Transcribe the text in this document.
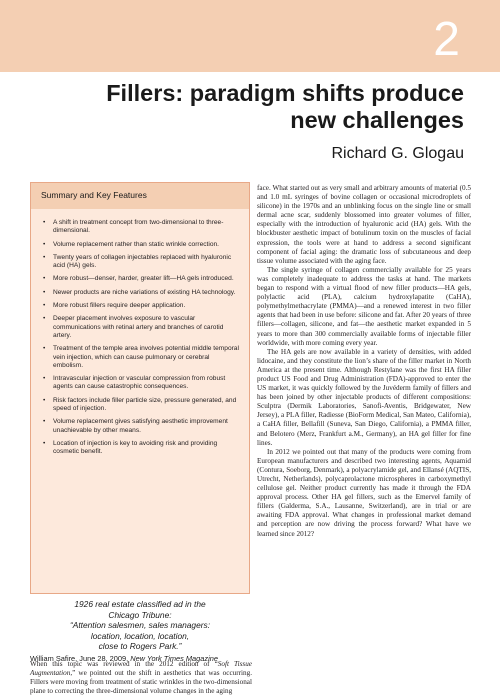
2
Fillers: paradigm shifts produce
new challenges
Richard G. Glogau
Summary and Key Features
• A shift in treatment concept from two-dimensional to three-dimensional.
• Volume replacement rather than static wrinkle correction.
• Twenty years of collagen injectables replaced with hyaluronic acid (HA) gels.
• More robust—denser, harder, greater lift—HA gels introduced.
• Newer products are niche variations of existing HA technology.
• More robust fillers require deeper application.
• Deeper placement involves exposure to vascular communications with retinal artery and branches of carotid artery.
• Treatment of the temple area involves potential middle temporal vein injection, which can cause pulmonary or cerebral embolism.
• Intravascular injection or vascular compression from robust agents can cause catastrophic consequences.
• Risk factors include filler particle size, pressure generated, and speed of injection.
• Volume replacement gives satisfying aesthetic improvement unachievable by other means.
• Location of injection is key to avoiding risk and providing cosmetic benefit.
1926 real estate classified ad in the
Chicago Tribune:
“Attention salesmen, sales managers:
location, location, location,
close to Rogers Park.”
William Safire, June 28, 2009, New York Times Magazine
When this topic was reviewed in the 2012 edition of “Soft Tissue Augmentation,” we pointed out the shift in aesthetics that was occurring. Fillers were moving from treatment of static wrinkles in the two-dimensional plane to correcting the three-dimensional volume changes in the aging

face. What started out as very small and arbitrary amounts of material (0.5 and 1.0 mL syringes of bovine collagen or occasional microdroplets of silicone) in the 1970s and an unblinking focus on the single line or small dermal acne scar, suddenly blossomed into greater volumes of filler, especially with the introduction of hyaluronic acid (HA) gels. With the blockbuster aesthetic impact of botulinum toxin on the muscles of facial expression, the tools were at hand to address a second significant component of facial aging: the dramatic loss of subcutaneous and deep tissue volume associated with the aging face.

The single syringe of collagen commercially available for 25 years was completely inadequate to address the tasks at hand. The markets began to respond with a virtual flood of new filler products—HA gels, polylactic acid (PLA), calcium hydroxylapatite (CaHA), polymethylmethacrylate (PMMA)—and a renewed interest in two filler agents that had been in use before: silicone and fat. After 20 years of three fillers—collagen, silicone, and fat—the aesthetic market expanded in 5 years to more than 300 commercially available forms of injectable filler worldwide, with more coming every year.

The HA gels are now available in a variety of densities, with added lidocaine, and they constitute the lion’s share of the filler market in North America at the present time. Although Restylane was the first HA filler product US Food and Drug Administration (FDA)-approved to enter the US market, it was quickly followed by the Juvéderm family of fillers and has been joined by other injectable products of different compositions: Sculptra (Dermik Laboratories, Sanofi-Aventis, Bridgewater, New Jersey), a PLA filler, Radiesse (BioForm Medical, San Mateo, California), a CaHA filler, Bellafill (Suneva, San Diego, California), a PMMA filler, and Belotero (Merz, Frankfurt a.M., Germany), an HA gel filler for fine lines.

In 2012 we pointed out that many of the products were coming from European manufacturers and described two interesting agents, Aquamid (Contura, Soeborg, Denmark), a polyacrylamide gel, and Ellansé (AQTIS, Utrecht, Netherlands), polycaprolactone microspheres in carboxymethyl cellulose gel. Neither product currently has made it through the FDA approval process. Other HA gel fillers, such as the Emervel family of fillers (Galderma, S.A., Lausanne, Switzerland), are in trial or are awaiting FDA approval. What changes in professional market demand and perception are now driving the process forward? What have we learned since 2012?
